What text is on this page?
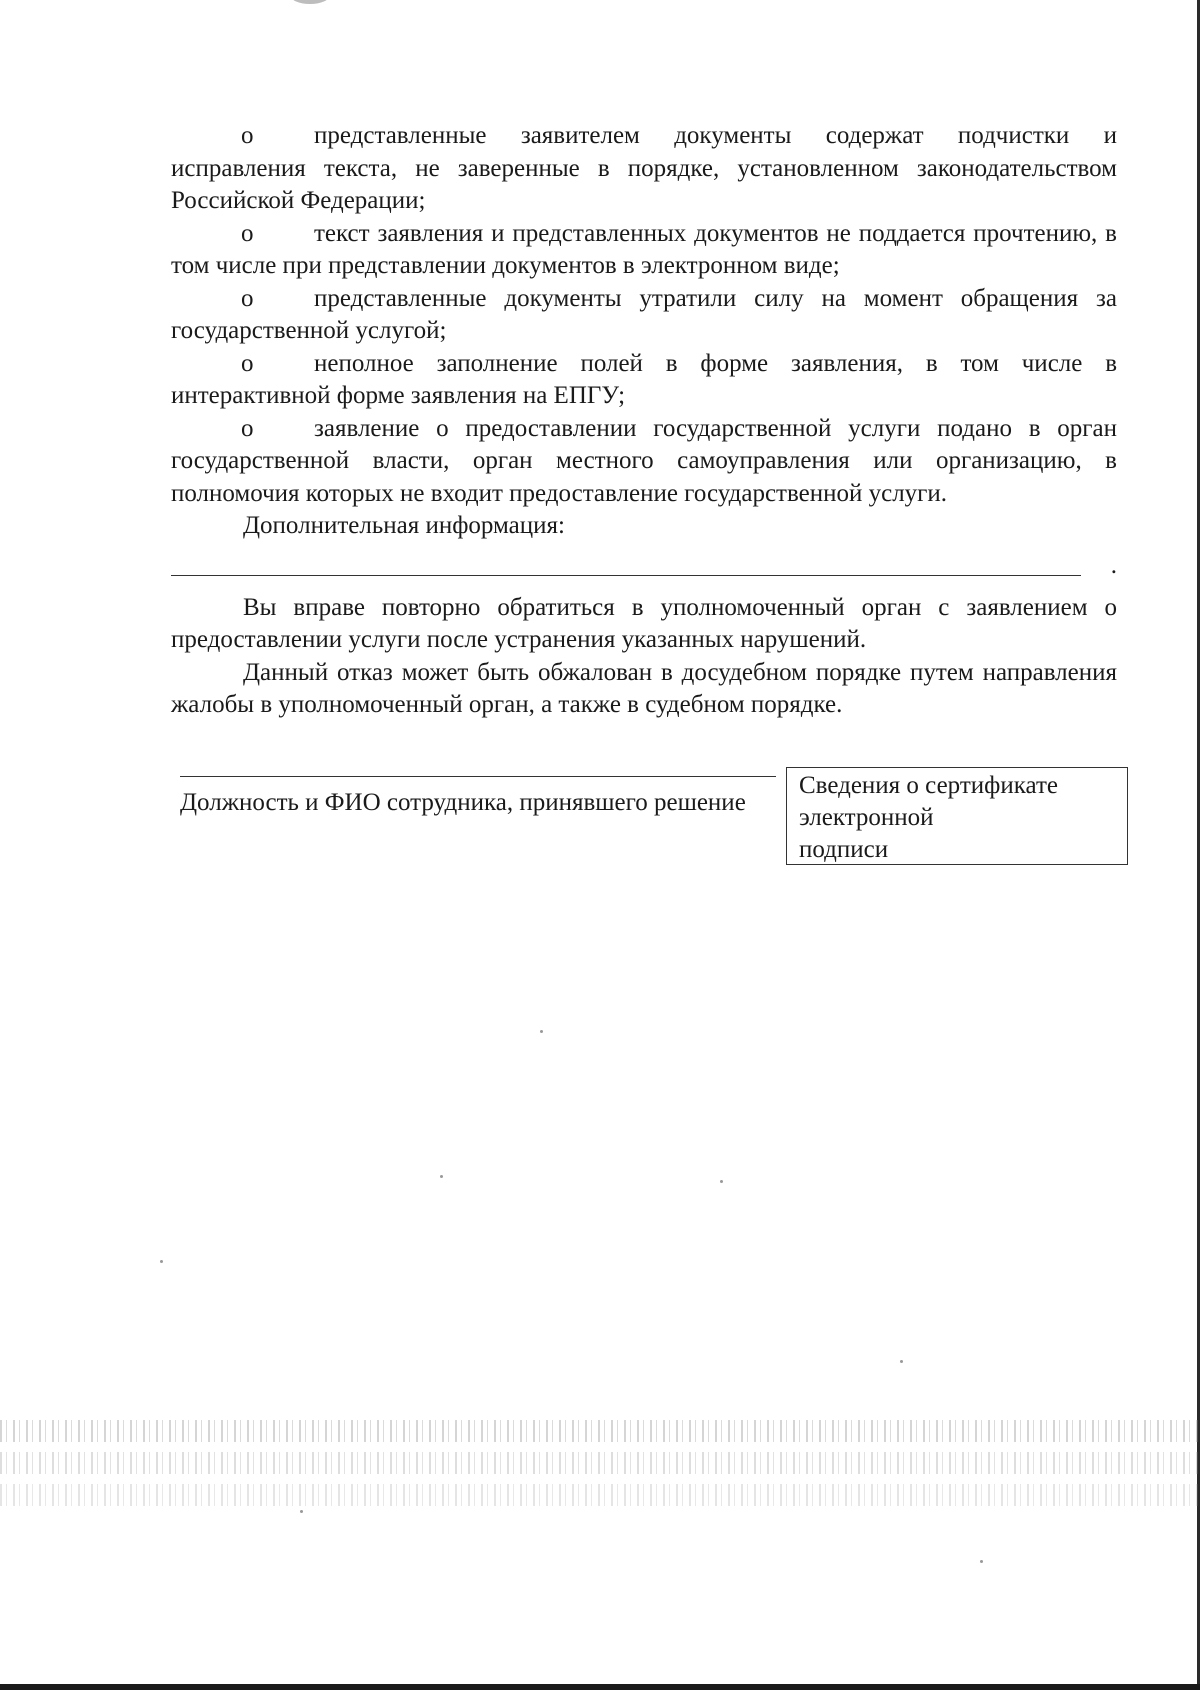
o представленные заявителем документы содержат подчистки и исправления текста, не заверенные в порядке, установленном законодательством Российской Федерации;
o текст заявления и представленных документов не поддается прочтению, в том числе при представлении документов в электронном виде;
o представленные документы утратили силу на момент обращения за государственной услугой;
o неполное заполнение полей в форме заявления, в том числе в интерактивной форме заявления на ЕПГУ;
o заявление о предоставлении государственной услуги подано в орган государственной власти, орган местного самоуправления или организацию, в полномочия которых не входит предоставление государственной услуги.
Дополнительная информация:
.
Вы вправе повторно обратиться в уполномоченный орган с заявлением о предоставлении услуги после устранения указанных нарушений.
Данный отказ может быть обжалован в досудебном порядке путем направления жалобы в уполномоченный орган, а также в судебном порядке.
Должность и ФИО сотрудника, принявшего решение
Сведения о сертификате
электронной
подписи
